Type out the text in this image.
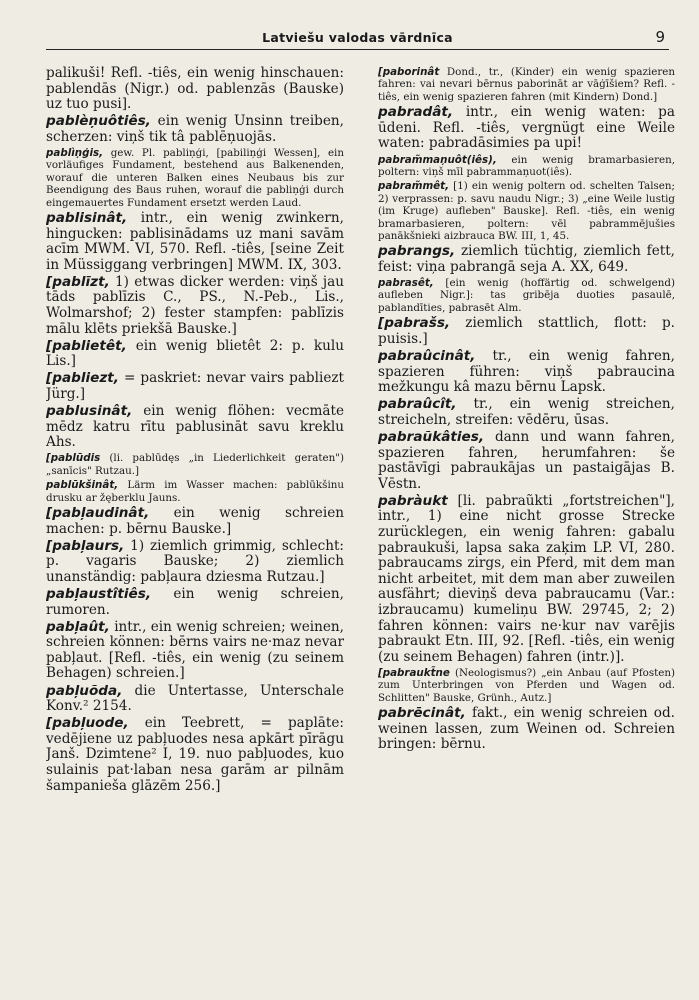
Latviešu valodas vārdnīca	9
palikuši! Refl. -tiês, ein wenig hinschauen: pablendās (Nigr.) od. pablenzās (Bauske) uz tuo pusi].
pablèņuôtiês, ein wenig Unsinn treiben, scherzen: viņš tik tâ pablēņuojās.
pablìņģis, gew. Pl. pabliņģi, [pabiliņģi Wessen], ein vorläufiges Fundament, bestehend aus Balkenenden, worauf die unteren Balken eines Neubaus bis zur Beendigung des Baus ruhen, worauf die pabliņģi durch eingemauertes Fundament ersetzt werden Laud.
pablisinât, intr., ein wenig zwinkern, hingucken: pablisinādams uz mani savām acīm MWM. VI, 570. Refl. -tiês, [seine Zeit in Müssiggang verbringen] MWM. IX, 303.
[pablīzt, 1) etwas dicker werden: viņš jau tāds pablīzis C., PS., N.-Peb., Lis., Wolmarshof; 2) fester stampfen: pablīzis mālu klēts priekšā Bauske.]
[pablietêt, ein wenig blietêt 2: p. kulu Lis.]
[pabliezt, = paskriet: nevar vairs pabliezt Jürg.]
pablusinât, ein wenig flöhen: vecmāte mēdz katru rītu pablusināt savu kreklu Ahs.
[pablūdis (li. pablūdęs „in Liederlichkeit geraten") „sanīcis" Rutzau.]
pablūkšinât, Lärm im Wasser machen: pablūkšinu drusku ar žęberklu Jauns.
[pabļaudinât, ein wenig schreien machen: p. bērnu Bauske.]
[pabļaurs, 1) ziemlich grimmig, schlecht: p. vagaris Bauske; 2) ziemlich unanständig: pabļaura dziesma Rutzau.]
pabļaustîtiês, ein wenig schreien, rumoren.
pabļaût, intr., ein wenig schreien; weinen, schreien können: bērns vairs ne·maz nevar pabļaut. [Refl. -tiês, ein wenig (zu seinem Behagen) schreien.]
pabļuõda, die Untertasse, Unterschale Konv.² 2154.
[pabļuode, ein Teebrett, = paplāte: vedējiene uz pabļuodes nesa apkārt pīrāgu Janš. Dzimtene² I, 19. nuo pabļuodes, kuo sulainis pat·laban nesa garām ar pilnām šampanieša glāzēm 256.]
[paborinât Dond., tr., (Kinder) ein wenig spazieren fahren: vai nevari bērnus paborināt ar vāģīšiem? Refl. -tiês, ein wenig spazieren fahren (mit Kindern) Dond.]
pabradât, intr., ein wenig waten: pa ūdeni. Refl. -tiês, vergnügt eine Weile waten: pabradāsimies pa upi!
pabram̃maņuôt(iês), ein wenig bramarbasieren, poltern: viņš mīl pabrammaņuot(iês).
pabram̃mêt, [1) ein wenig poltern od. schelten Talsen; 2) verprassen: p. savu naudu Nigr.; 3) „eine Weile lustig (im Kruge) aufleben" Bauske]. Refl. -tiês, ein wenig bramarbasieren, poltern: vēl pabrammējušies panākšnieki aizbrauca BW. III, 1, 45.
pabrangs, ziemlich tüchtig, ziemlich fett, feist: viņa pabrangā seja A. XX, 649.
pabrasêt, [ein wenig (hoffärtig od. schwelgend) aufleben Nigr.]: tas gribēja duoties pasaulē, pablandīties, pabrasēt Alm.
[pabrašs, ziemlich stattlich, flott: p. puisis.]
pabraûcinât, tr., ein wenig fahren, spazieren führen: viņš pabraucina mežkungu kâ mazu bērnu Lapsk.
pabraûcît, tr., ein wenig streichen, streicheln, streifen: vēdēru, ūsas.
pabraũkâties, dann und wann fahren, spazieren fahren, herumfahren: še pastāvīgi pabraukājas un pastaigājas B. Vēstn.
pabràukt [li. pabraũkti „fortstreichen"], intr., 1) eine nicht grosse Strecke zurücklegen, ein wenig fahren: gabalu pabraukuši, lapsa saka zaķim LP. VI, 280. pabraucams zirgs, ein Pferd, mit dem man nicht arbeitet, mit dem man aber zuweilen ausfährt; dieviņš deva pabraucamu (Var.: izbraucamu) kumeliņu BW. 29745, 2; 2) fahren können: vairs ne·kur nav varējis pabraukt Etn. III, 92. [Refl. -tiês, ein wenig (zu seinem Behagen) fahren (intr.)].
[pabraukt̃ne (Neologismus?) „ein Anbau (auf Pfosten) zum Unterbringen von Pferden und Wagen od. Schlitten" Bauske, Grünh., Autz.]
pabrēcinât, fakt., ein wenig schreien od. weinen lassen, zum Weinen od. Schreien bringen: bērnu.
